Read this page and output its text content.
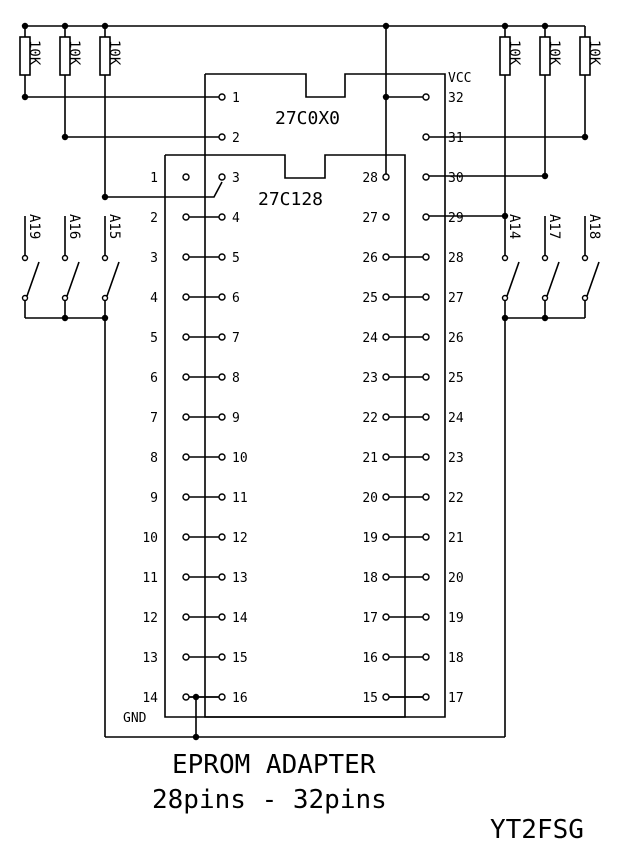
27C0X0
27C128
VCC
GND
1	32
2	31
3	30
4	29
5	28
6	27
7	26
8	25
9	24
10	23
11	22
12	21
13	20
14	19
15	18
16	17
1	28
2	27
3	26
4	25
5	24
6	23
7	22
8	21
9	20
10	19
11	18
12	17
13	16
14	15
10K 10K 10K	10K 10K 10K
A19 A16 A15	A14 A17 A18
EPROM ADAPTER
28pins - 32pins
YT2FSG
